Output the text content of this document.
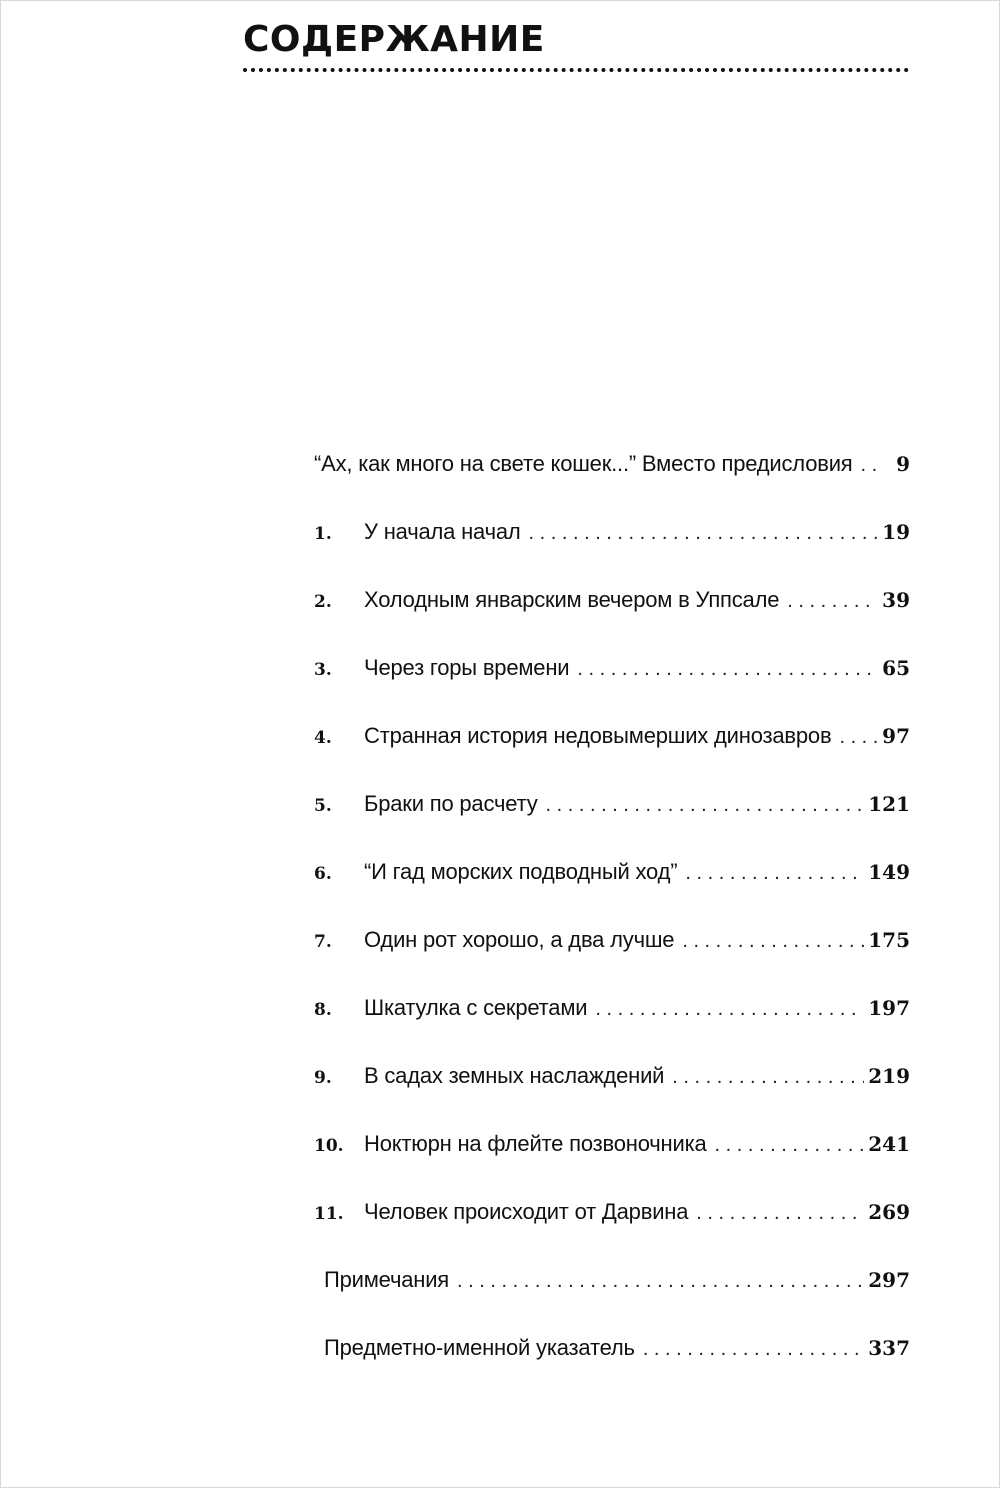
СОДЕРЖАНИЕ
“Ах, как много на свете кошек...” Вместо предисловия . . .	9
1.	У начала начал . . .	19
2.	Холодным январским вечером в Уппсале . . .	39
3.	Через горы времени . . .	65
4.	Странная история недовымерших динозавров . . .	97
5.	Браки по расчету . . .	121
6.	“И гад морских подводный ход” . . .	149
7.	Один рот хорошо, а два лучше . . .	175
8.	Шкатулка с секретами . . .	197
9.	В садах земных наслаждений . . .	219
10. Ноктюрн на флейте позвоночника . . .	241
11. Человек происходит от Дарвина . . .	269
Примечания . . .	297
Предметно-именной указатель . . .	337
